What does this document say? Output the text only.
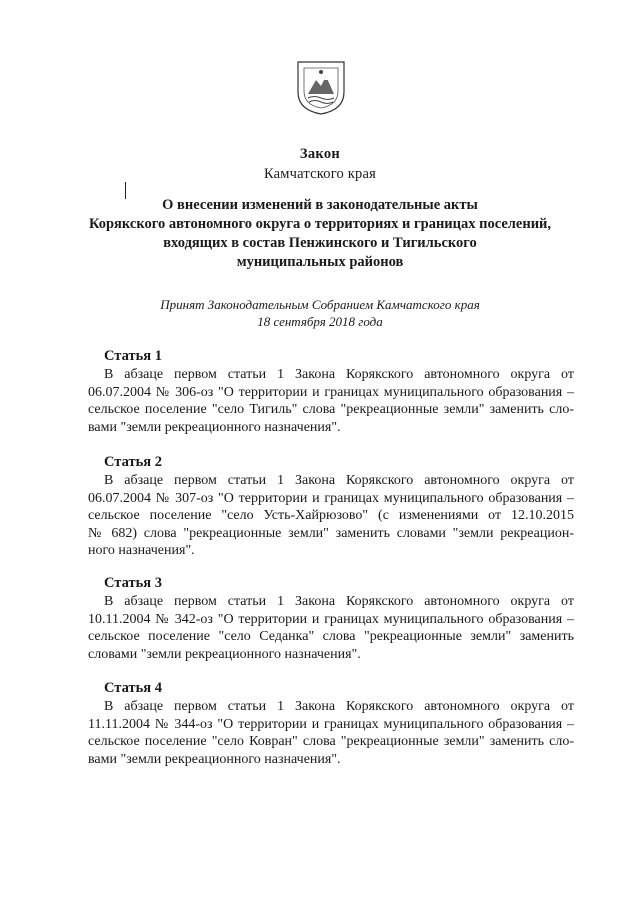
Закон
Камчатского края
О внесении изменений в законодательные акты
Корякского автономного округа о территориях и границах поселений,
входящих в состав Пенжинского и Тигильского
муниципальных районов
Принят Законодательным Собранием Камчатского края
18 сентября 2018 года
Статья 1
В абзаце первом статьи 1 Закона Корякского автономного округа от
06.07.2004 № 306-оз "О территории и границах муниципального образования –
сельское поселение "село Тигиль" слова "рекреационные земли" заменить сло-
вами "земли рекреационного назначения".
Статья 2
В абзаце первом статьи 1 Закона Корякского автономного округа от
06.07.2004 № 307-оз "О территории и границах муниципального образования –
сельское поселение "село Усть-Хайрюзово" (с изменениями от 12.10.2015
№ 682) слова "рекреационные земли" заменить словами "земли рекреацион-
ного назначения".
Статья 3
В абзаце первом статьи 1 Закона Корякского автономного округа от
10.11.2004 № 342-оз "О территории и границах муниципального образования –
сельское поселение "село Седанка" слова "рекреационные земли" заменить
словами "земли рекреационного назначения".
Статья 4
В абзаце первом статьи 1 Закона Корякского автономного округа от
11.11.2004 № 344-оз "О территории и границах муниципального образования –
сельское поселение "село Ковран" слова "рекреационные земли" заменить сло-
вами "земли рекреационного назначения".
